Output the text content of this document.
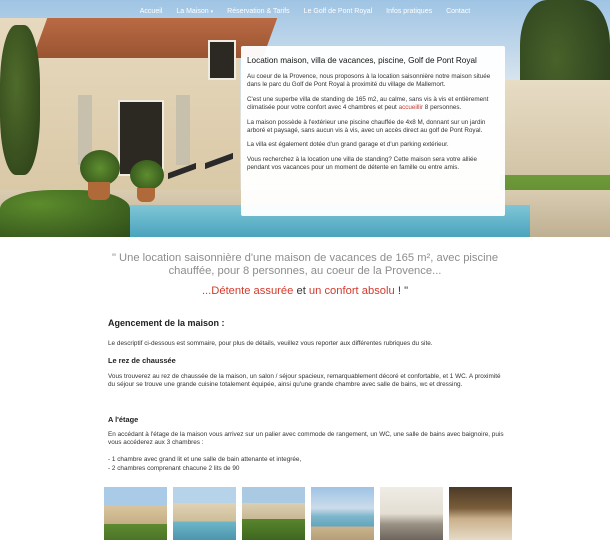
Accueil	La Maison ▾	Réservation & Tarifs	Le Golf de Pont Royal	Infos pratiques	Contact
Location maison, villa de vacances, piscine, Golf de Pont Royal

Au coeur de la Provence, nous proposons à la location saisonnière notre maison située dans le parc du Golf de Pont Royal à proximité du village de Mallemort.

C'est une superbe villa de standing de 165 m2, au calme, sans vis à vis et entièrement climatisée pour votre confort avec 4 chambres et peut accueillir 8 personnes.

La maison possède à l'extérieur une piscine chauffée de 4x8 M, donnant sur un jardin arboré et paysagé, sans aucun vis à vis, avec un accès direct au golf de Pont Royal.

La villa est également dotée d'un grand garage et d'un parking extérieur.

Vous recherchez à la location une villa de standing? Cette maison sera votre alliée pendant vos vacances pour un moment de détente en famille ou entre amis.

" Une location saisonnière d'une maison de vacances de 165 m², avec piscine chauffée, pour 8 personnes, au coeur de la Provence...
...Détente assurée et un confort absolu ! "
Agencement de la maison :

Le descriptif ci-dessous est sommaire, pour plus de détails, veuillez vous reporter aux différentes rubriques du site.

Le rez de chaussée

Vous trouverez au rez de chaussée de la maison, un salon / séjour spacieux, remarquablement décoré et confortable, et 1 WC. A proximité du séjour se trouve une grande cuisine totalement équipée, ainsi qu'une grande chambre avec salle de bains, wc et dressing.

A l'étage

En accédant à l'étage de la maison vous arrivez sur un palier avec commode de rangement, un WC, une salle de bains avec baignoire, puis vous accéderez aux 3 chambres :

- 1 chambre avec grand lit et une salle de bain attenante et integrée,

- 2 chambres comprenant chacune 2 lits de 90
